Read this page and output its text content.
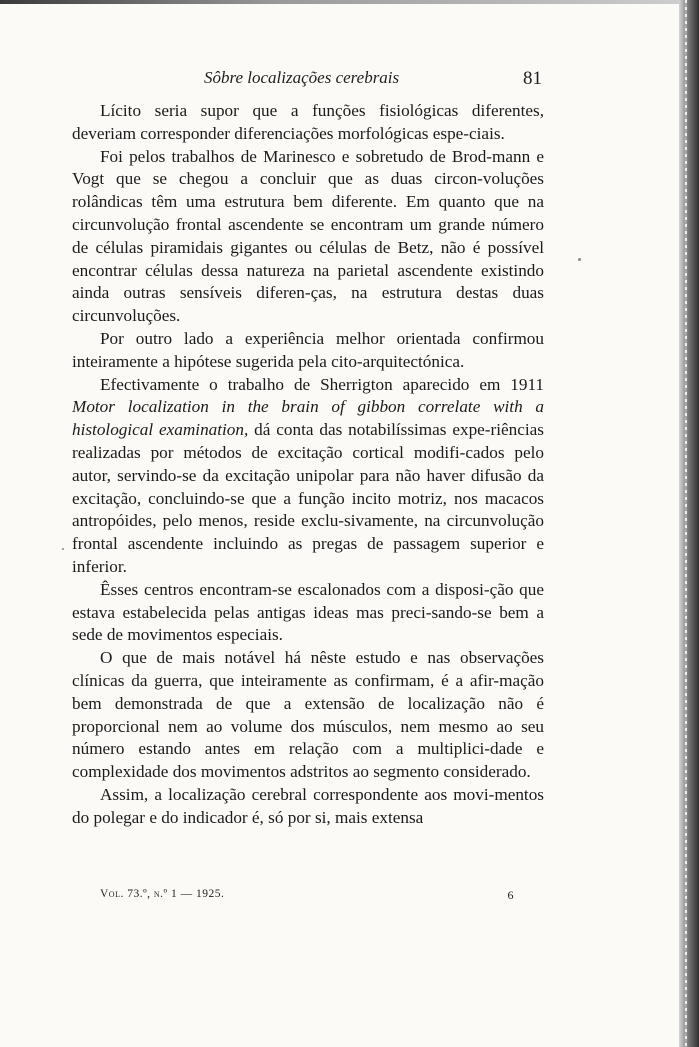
Sôbre localizações cerebrais	81

Lícito seria supor que a funções fisiológicas diferentes, deveriam corresponder diferenciações morfológicas espe-ciais.

Foi pelos trabalhos de Marinesco e sobretudo de Brod-mann e Vogt que se chegou a concluir que as duas circon-voluções rolândicas têm uma estrutura bem diferente. Em quanto que na circunvolução frontal ascendente se encontram um grande número de células piramidais gigantes ou células de Betz, não é possível encontrar células dessa natureza na parietal ascendente existindo ainda outras sensíveis diferen-ças, na estrutura destas duas circunvoluções.

Por outro lado a experiência melhor orientada confirmou inteiramente a hipótese sugerida pela cito-arquitectónica.

Efectivamente o trabalho de Sherrigton aparecido em 1911 Motor localization in the brain of gibbon correlate with a histological examination, dá conta das notabilíssimas expe-riências realizadas por métodos de excitação cortical modifi-cados pelo autor, servindo-se da excitação unipolar para não haver difusão da excitação, concluindo-se que a função incito motriz, nos macacos antropóides, pelo menos, reside exclu-sivamente, na circunvolução frontal ascendente incluindo as pregas de passagem superior e inferior.

Êsses centros encontram-se escalonados com a disposi-ção que estava estabelecida pelas antigas ideas mas preci-sando-se bem a sede de movimentos especiais.

O que de mais notável há nêste estudo e nas observações clínicas da guerra, que inteiramente as confirmam, é a afir-mação bem demonstrada de que a extensão de localização não é proporcional nem ao volume dos músculos, nem mesmo ao seu número estando antes em relação com a multiplici-dade e complexidade dos movimentos adstritos ao segmento considerado.

Assim, a localização cerebral correspondente aos movi-mentos do polegar e do indicador é, só por si, mais extensa

Vol. 73.º, n.º 1 — 1925.	6
